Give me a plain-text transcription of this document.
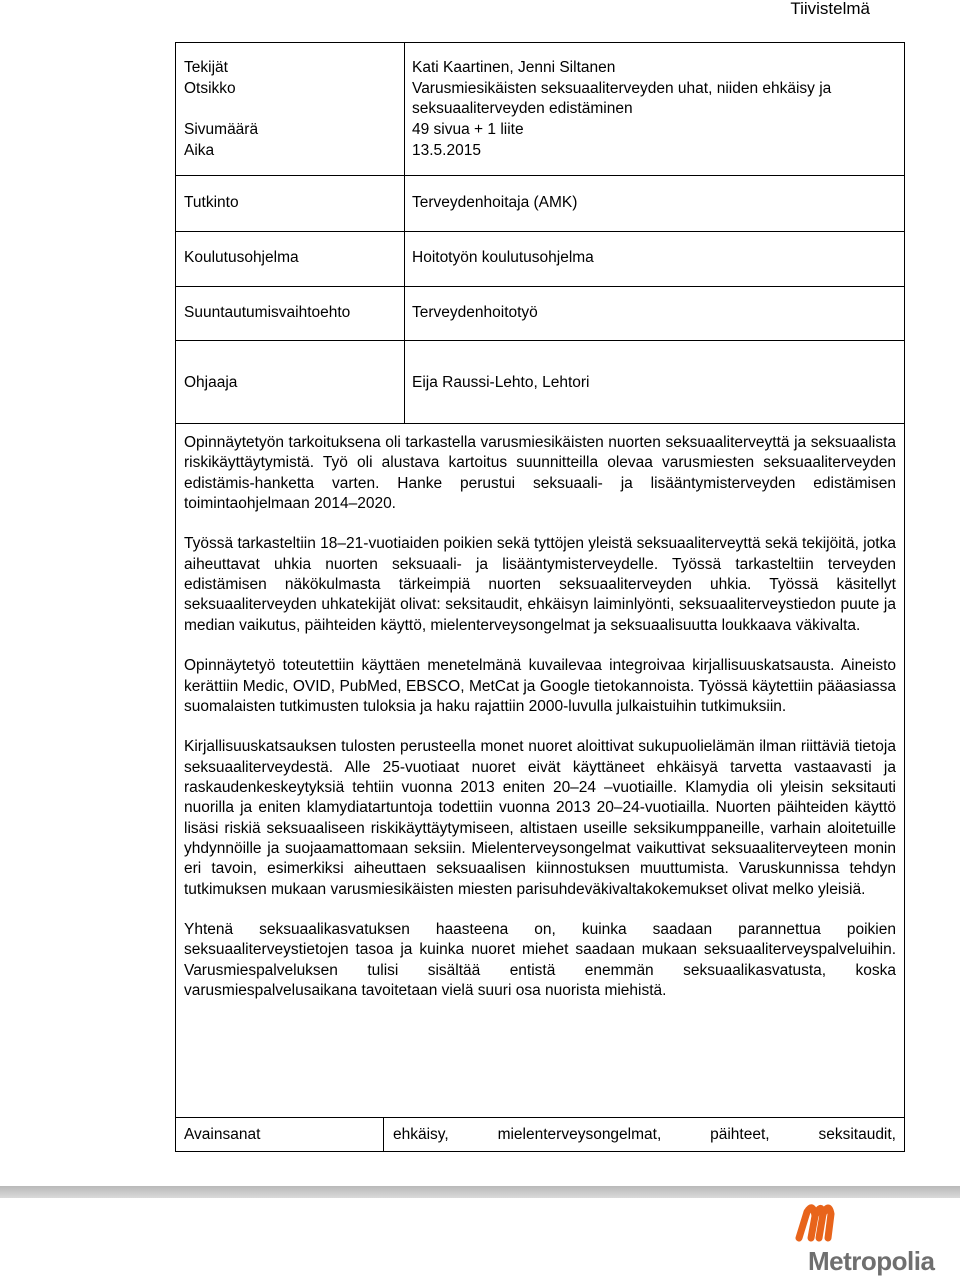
Tiivistelmä
Tekijät	Kati Kaartinen, Jenni Siltanen
Otsikko	Varusmiesikäisten seksuaaliterveyden uhat, niiden ehkäisy ja
seksuaaliterveyden edistäminen
Sivumäärä	49 sivua + 1 liite
Aika	13.5.2015
Tutkinto	Terveydenhoitaja (AMK)
Koulutusohjelma	Hoitotyön koulutusohjelma
Suuntautumisvaihtoehto	Terveydenhoitotyö
Ohjaaja	Eija Raussi-Lehto, Lehtori

Opinnäytetyön tarkoituksena oli tarkastella varusmiesikäisten nuorten seksuaaliterveyttä ja seksuaalista riskikäyttäytymistä. Työ oli alustava kartoitus suunnitteilla olevaa varusmiesten seksuaaliterveyden edistämis-hanketta varten. Hanke perustui seksuaali- ja lisääntymisterveyden edistämisen toimintaohjelmaan 2014–2020.

Työssä tarkasteltiin 18–21-vuotiaiden poikien sekä tyttöjen yleistä seksuaaliterveyttä sekä tekijöitä, jotka aiheuttavat uhkia nuorten seksuaali- ja lisääntymisterveydelle. Työssä tarkasteltiin terveyden edistämisen näkökulmasta tärkeimpiä nuorten seksuaaliterveyden uhkia. Työssä käsitellyt seksuaaliterveyden uhkatekijät olivat: seksitaudit, ehkäisyn laiminlyönti, seksuaaliterveystiedon puute ja median vaikutus, päihteiden käyttö, mielenterveysongelmat ja seksuaalisuutta loukkaava väkivalta.

Opinnäytetyö toteutettiin käyttäen menetelmänä kuvailevaa integroivaa kirjallisuuskatsausta. Aineisto kerättiin Medic, OVID, PubMed, EBSCO, MetCat ja Google tietokannoista. Työssä käytettiin pääasiassa suomalaisten tutkimusten tuloksia ja haku rajattiin 2000-luvulla julkaistuihin tutkimuksiin.

Kirjallisuuskatsauksen tulosten perusteella monet nuoret aloittivat sukupuolielämän ilman riittäviä tietoja seksuaaliterveydestä. Alle 25-vuotiaat nuoret eivät käyttäneet ehkäisyä tarvetta vastaavasti ja raskaudenkeskeytyksiä tehtiin vuonna 2013 eniten 20–24 –vuotiaille. Klamydia oli yleisin seksitauti nuorilla ja eniten klamydiatartuntoja todettiin vuonna 2013 20–24-vuotiailla. Nuorten päihteiden käyttö lisäsi riskiä seksuaaliseen riskikäyttäytymiseen, altistaen useille seksikumppaneille, varhain aloitetuille yhdynnöille ja suojaamattomaan seksiin. Mielenterveysongelmat vaikuttivat seksuaaliterveyteen monin eri tavoin, esimerkiksi aiheuttaen seksuaalisen kiinnostuksen muuttumista. Varuskunnissa tehdyn tutkimuksen mukaan varusmiesikäisten miesten parisuhdeväkivaltakokemukset olivat melko yleisiä.

Yhtenä seksuaalikasvatuksen haasteena on, kuinka saadaan parannettua poikien seksuaaliterveystietojen tasoa ja kuinka nuoret miehet saadaan mukaan seksuaaliterveyspalveluihin. Varusmiespalveluksen tulisi sisältää entistä enemmän seksuaalikasvatusta, koska varusmiespalvelusaikana tavoitetaan vielä suuri osa nuorista miehistä.

Avainsanat	ehkäisy, mielenterveysongelmat, päihteet, seksitaudit,
Metropolia
